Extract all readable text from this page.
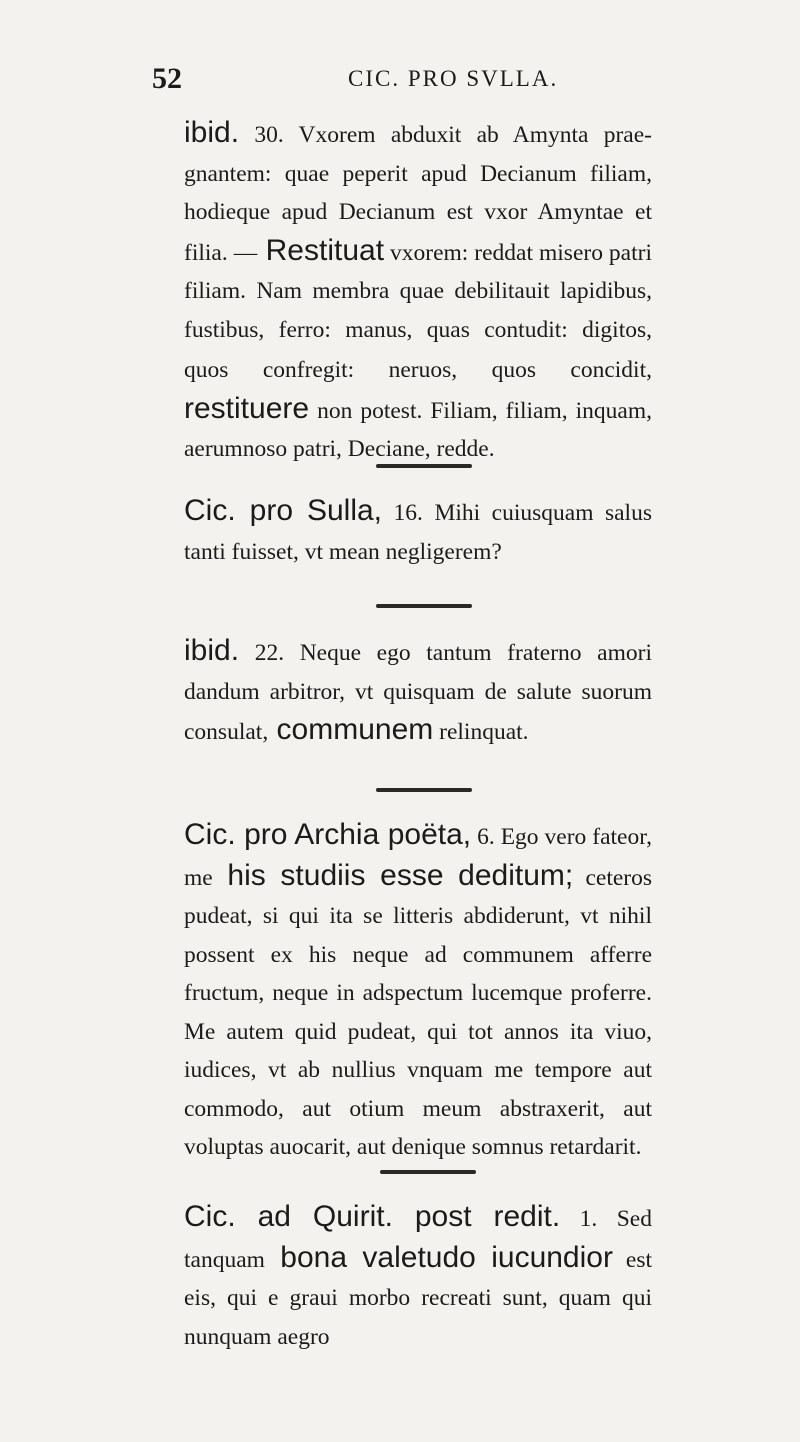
52	CIC. PRO SVLLA.

ibid. 30. Vxorem abduxit ab Amynta prae-gnantem: quae peperit apud Decianum filiam, hodieque apud Decianum est vxor Amyntae et filia. — Restituat vxorem: reddat misero patri filiam. Nam membra quae debilitauit lapidibus, fustibus, ferro: manus, quas contudit: digitos, quos confregit: neruos, quos concidit, restituere non potest. Filiam, filiam, inquam, aerumnoso patri, Deciane, redde.

Cic. pro Sulla, 16. Mihi cuiusquam salus tanti fuisset, vt mean negligerem?

ibid. 22. Neque ego tantum fraterno amori dandum arbitror, vt quisquam de salute suorum consulat, communem relinquat.

Cic. pro Archia poëta, 6. Ego vero fateor, me his studiis esse deditum; ceteros pudeat, si qui ita se litteris abdiderunt, vt nihil possent ex his neque ad communem afferre fructum, neque in adspectum lucemque proferre. Me autem quid pudeat, qui tot annos ita viuo, iudices, vt ab nullius vnquam me tempore aut commodo, aut otium meum abstraxerit, aut voluptas auocarit, aut denique somnus retardarit.

Cic. ad Quirit. post redit. 1. Sed tanquam bona valetudo iucundior est eis, qui e graui morbo recreati sunt, quam qui nunquam aegro
